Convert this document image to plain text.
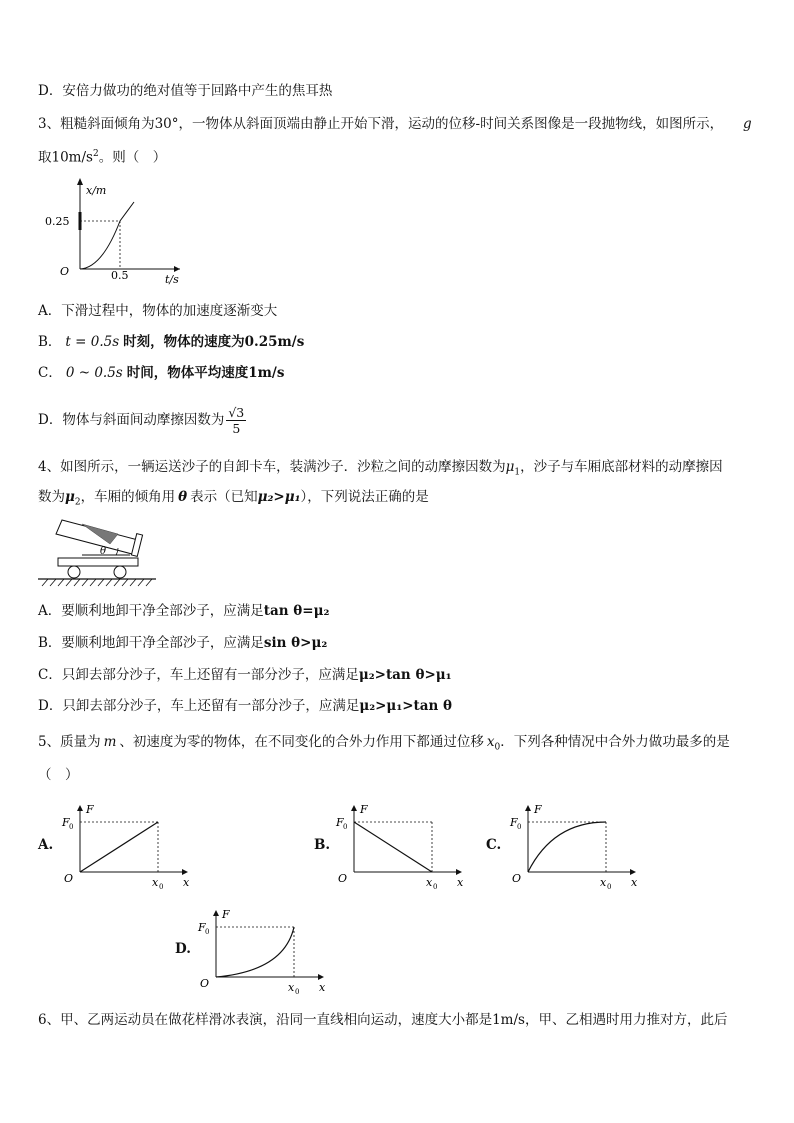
D．安倍力做功的绝对值等于回路中产生的焦耳热
3、粗糙斜面倾角为30°，一物体从斜面顶端由静止开始下滑，运动的位移-时间关系图像是一段抛物线，如图所示，	g
取$10m/s^2$。则（　）
x/m
t/s
O
0.25
0.5
A．下滑过程中，物体的加速度逐渐变大
B． t = 0.5s 时刻，物体的速度为0.25m/s
C． 0 ~ 0.5s 时间，物体平均速度1m/s
D．物体与斜面间动摩擦因数为 $\frac{√3}{5}$
4、如图所示，一辆运送沙子的自卸卡车，装满沙子．沙粒之间的动摩擦因数为$\mu_1$，沙子与车厢底部材料的动摩擦因
数为$\mu_2$，车厢的倾角用 θ 表示（已知μ₂>μ₁），下列说法正确的是
θ
A．要顺利地卸干净全部沙子，应满足tan θ=μ₂
B．要顺利地卸干净全部沙子，应满足sin θ>μ₂
C．只卸去部分沙子，车上还留有一部分沙子，应满足μ₂>tan θ>μ₁
D．只卸去部分沙子，车上还留有一部分沙子，应满足μ₂>μ₁>tan θ
5、质量为 m 、初速度为零的物体，在不同变化的合外力作用下都通过位移 $x_0$．下列各种情况中合外力做功最多的是
（　）
A.	B.	C.
D.
F
F 0
O	x
x 0
F
F 0
O	x
x 0
F
F 0
O	x
x 0
F
F 0
O	x
x 0
6、甲、乙两运动员在做花样滑冰表演，沿同一直线相向运动，速度大小都是1m/s，甲、乙相遇时用力推对方，此后
